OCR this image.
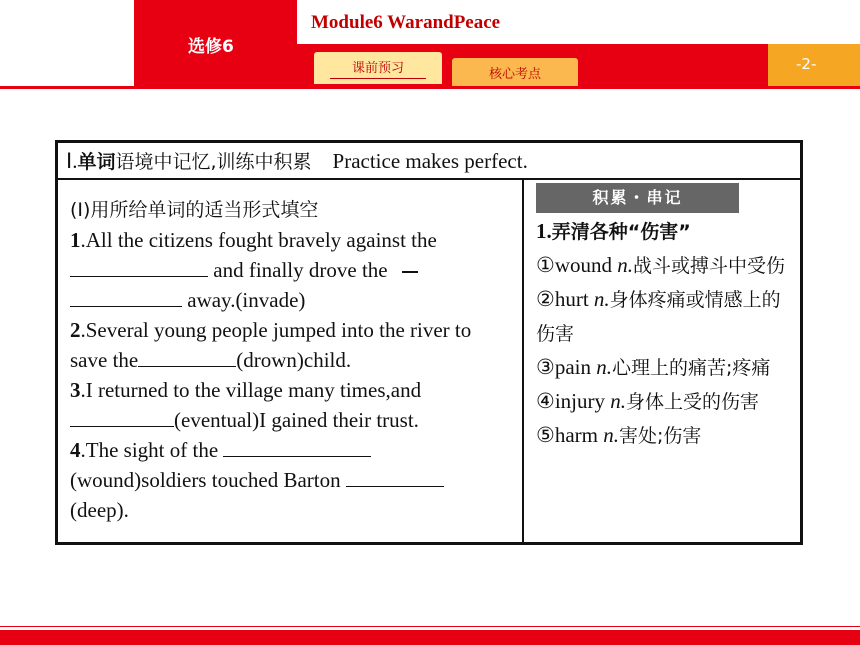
选修6
Module6 WarandPeace
课前预习	核心考点
-2-
Ⅰ.单词语境中记忆,训练中积累 Practice makes perfect.
(Ⅰ)用所给单词的适当形式填空
1.All the citizens fought bravely against the  and finally drove the
away.(invade)
2.Several young people jumped into the river to save the	(drown)child.
3.I returned to the village many times,and
(eventual)I gained their trust.
4.The sight of the
(wound)soldiers touched Barton
(deep).
积累・串记
1.弄清各种“伤害”
①wound n.战斗或搏斗中受伤
②hurt n.身体疼痛或情感上的伤害
③pain n.心理上的痛苦;疼痛
④injury n.身体上受的伤害
⑤harm n.害处;伤害
